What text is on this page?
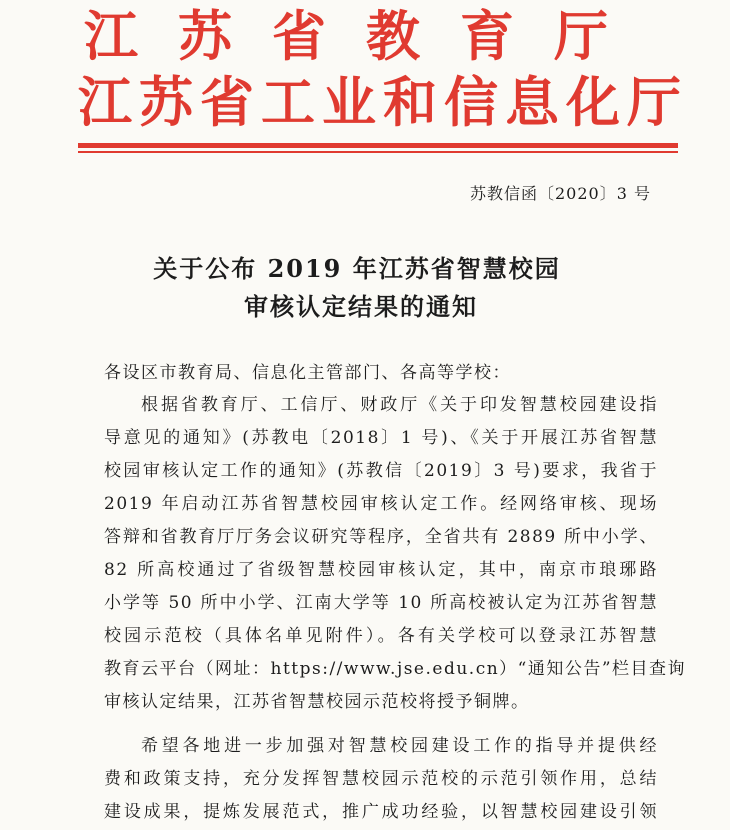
江苏省教育厅
江苏省工业和信息化厅
苏教信函〔2020〕3 号
关于公布 2019 年江苏省智慧校园
审核认定结果的通知
各设区市教育局、信息化主管部门、各高等学校：
根据省教育厅、工信厅、财政厅《关于印发智慧校园建设指
导意见的通知》(苏教电〔2018〕1 号)、《关于开展江苏省智慧
校园审核认定工作的通知》(苏教信〔2019〕3 号)要求，我省于
2019 年启动江苏省智慧校园审核认定工作。经网络审核、现场
答辩和省教育厅厅务会议研究等程序，全省共有 2889 所中小学、
82 所高校通过了省级智慧校园审核认定，其中，南京市琅琊路
小学等 50 所中小学、江南大学等 10 所高校被认定为江苏省智慧
校园示范校（具体名单见附件）。各有关学校可以登录江苏智慧
教育云平台（网址：https://www.jse.edu.cn）“通知公告”栏目查询
审核认定结果，江苏省智慧校园示范校将授予铜牌。
希望各地进一步加强对智慧校园建设工作的指导并提供经
费和政策支持，充分发挥智慧校园示范校的示范引领作用，总结
建设成果，提炼发展范式，推广成功经验，以智慧校园建设引领
